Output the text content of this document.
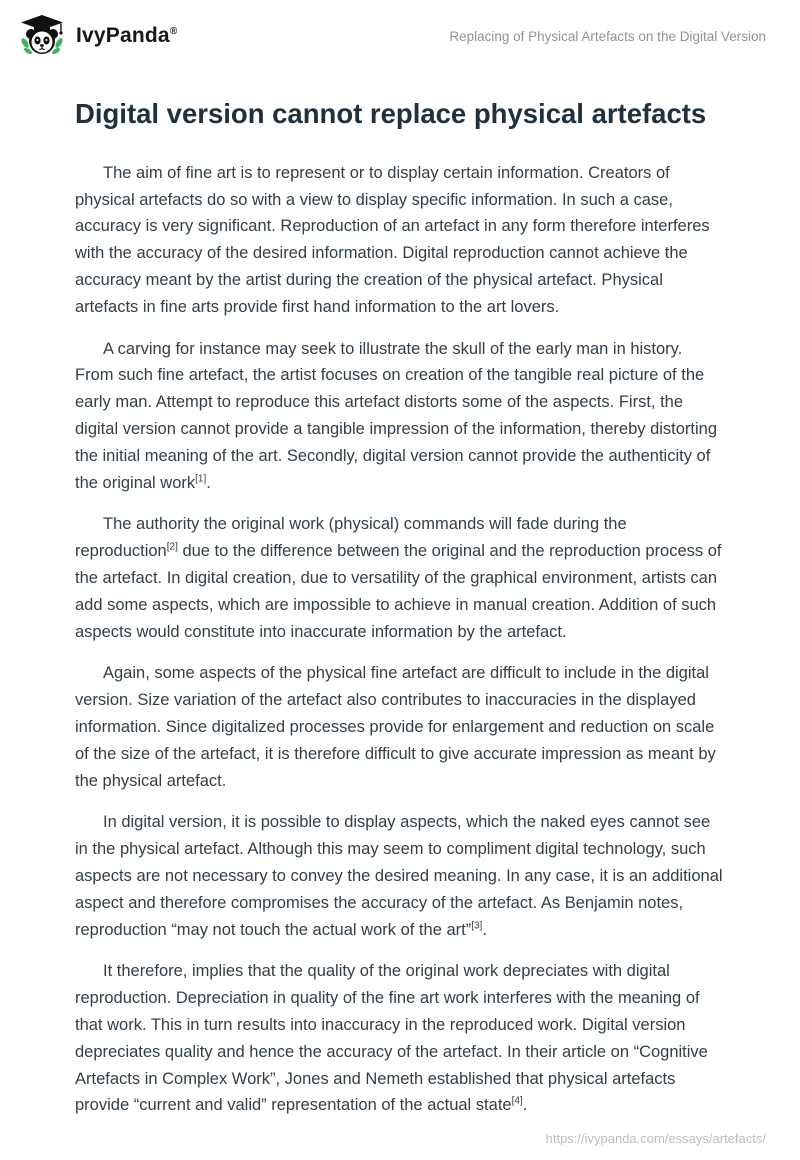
IvyPanda®	Replacing of Physical Artefacts on the Digital Version
Digital version cannot replace physical artefacts

The aim of fine art is to represent or to display certain information. Creators of physical artefacts do so with a view to display specific information. In such a case, accuracy is very significant. Reproduction of an artefact in any form therefore interferes with the accuracy of the desired information. Digital reproduction cannot achieve the accuracy meant by the artist during the creation of the physical artefact. Physical artefacts in fine arts provide first hand information to the art lovers.

A carving for instance may seek to illustrate the skull of the early man in history. From such fine artefact, the artist focuses on creation of the tangible real picture of the early man. Attempt to reproduce this artefact distorts some of the aspects. First, the digital version cannot provide a tangible impression of the information, thereby distorting the initial meaning of the art. Secondly, digital version cannot provide the authenticity of the original work[1].

The authority the original work (physical) commands will fade during the reproduction[2] due to the difference between the original and the reproduction process of the artefact. In digital creation, due to versatility of the graphical environment, artists can add some aspects, which are impossible to achieve in manual creation. Addition of such aspects would constitute into inaccurate information by the artefact.

Again, some aspects of the physical fine artefact are difficult to include in the digital version. Size variation of the artefact also contributes to inaccuracies in the displayed information. Since digitalized processes provide for enlargement and reduction on scale of the size of the artefact, it is therefore difficult to give accurate impression as meant by the physical artefact.

In digital version, it is possible to display aspects, which the naked eyes cannot see in the physical artefact. Although this may seem to compliment digital technology, such aspects are not necessary to convey the desired meaning. In any case, it is an additional aspect and therefore compromises the accuracy of the artefact. As Benjamin notes, reproduction “may not touch the actual work of the art”[3].

It therefore, implies that the quality of the original work depreciates with digital reproduction. Depreciation in quality of the fine art work interferes with the meaning of that work. This in turn results into inaccuracy in the reproduced work. Digital version depreciates quality and hence the accuracy of the artefact. In their article on “Cognitive Artefacts in Complex Work”, Jones and Nemeth established that physical artefacts provide “current and valid” representation of the actual state[4].

https://ivypanda.com/essays/artefacts/
